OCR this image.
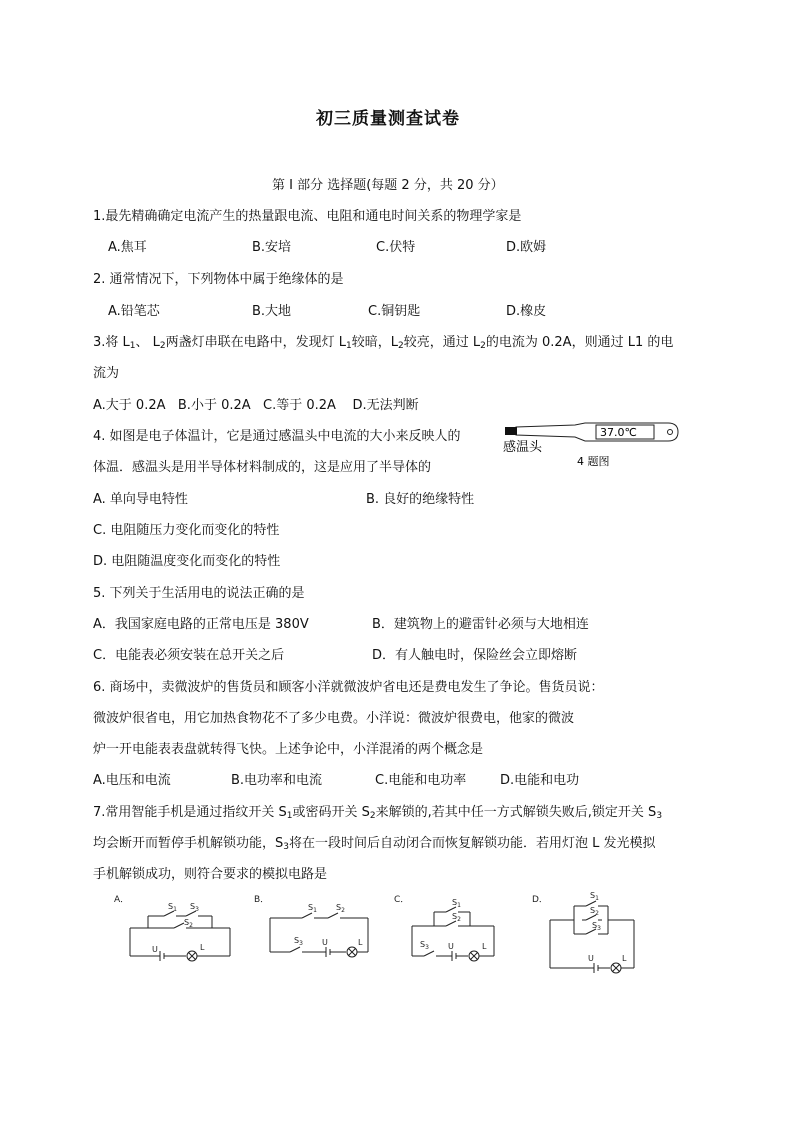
初三质量测查试卷
第 I 部分 选择题(每题 2 分，共 20 分）
1.最先精确确定电流产生的热量跟电流、电阻和通电时间关系的物理学家是
A.焦耳	B.安培	C.伏特	D.欧姆
2. 通常情况下，下列物体中属于绝缘体的是
A.铅笔芯	B.大地	C.铜钥匙	D.橡皮
3.将 $L_1$、 $L_2$两盏灯串联在电路中，发现灯 $L_1$较暗，$L_2$较亮，通过 $L_2$的电流为 0.2A，则通过 L1 的电
流为
A.大于 0.2A   B.小于 0.2A   C.等于 0.2A    D.无法判断
4. 如图是电子体温计，它是通过感温头中电流的大小来反映人的
体温．感温头是用半导体材料制成的，这是应用了半导体的
37.0℃
感温头
4 题图
A. 单向导电特性	B. 良好的绝缘特性
C. 电阻随压力变化而变化的特性
D. 电阻随温度变化而变化的特性
5. 下列关于生活用电的说法正确的是
A．我国家庭电路的正常电压是 380V	B．建筑物上的避雷针必须与大地相连
C．电能表必须安装在总开关之后	D．有人触电时，保险丝会立即熔断
6. 商场中，卖微波炉的售货员和顾客小洋就微波炉省电还是费电发生了争论。售货员说：
微波炉很省电，用它加热食物花不了多少电费。小洋说：微波炉很费电，他家的微波
炉一开电能表表盘就转得飞快。上述争论中，小洋混淆的两个概念是
A.电压和电流	B.电功率和电流	C.电能和电功率	D.电能和电功
7.常用智能手机是通过指纹开关 $S_1$或密码开关 $S_2$来解锁的,若其中任一方式解锁失败后,锁定开关 $S_3$
均会断开而暂停手机解锁功能，$S_3$将在一段时间后自动闭合而恢复解锁功能．若用灯泡 L 发光模拟
手机解锁成功，则符合要求的模拟电路是
A．
$S_1$ $S_3$
$S_2$
U	L
B．
$S_1$ $S_2$
$S_3$ U	L
C．	$S_1$
$S_2$
$S_3$ U	L
D．	$S_1$
$S_2$
$S_3$
U	L
